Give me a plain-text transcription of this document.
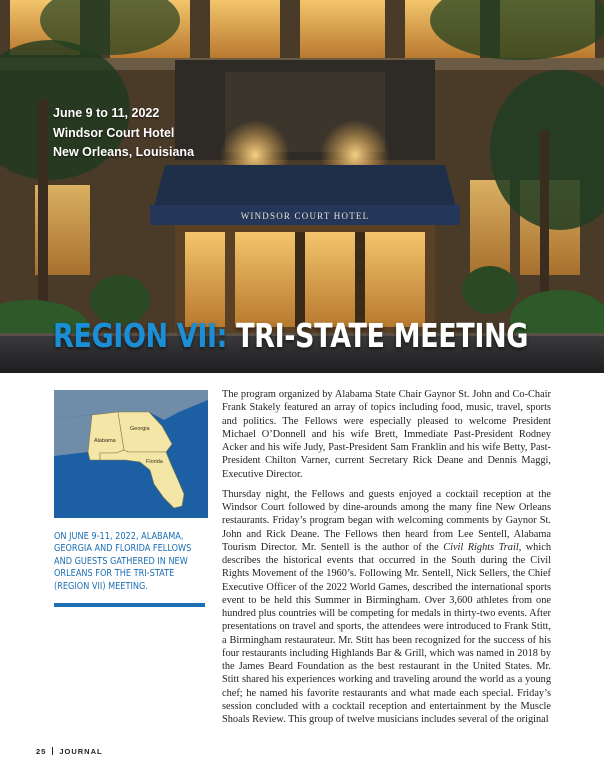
WINDSOR COURT HOTEL
June 9 to 11, 2022
Windsor Court Hotel
New Orleans, Louisiana
REGION VII: TRI-STATE MEETING
Alabama
Georgia
Florida

ON JUNE 9-11, 2022, ALABAMA, GEORGIA AND FLORIDA FELLOWS AND GUESTS GATHERED IN NEW ORLEANS FOR THE TRI-STATE (REGION VII) MEETING.

The program organized by Alabama State Chair Gaynor St. John and Co-Chair Frank Stakely featured an array of topics including food, music, travel, sports and politics. The Fellows were especially pleased to welcome President Michael O’Donnell and his wife Brett, Immediate Past-President Rodney Acker and his wife Judy, Past-President Sam Franklin and his wife Betty, Past-President Chilton Varner, current Secretary Rick Deane and Dennis Maggi, Executive Director.

Thursday night, the Fellows and guests enjoyed a cocktail reception at the Windsor Court followed by dine-arounds among the many fine New Orleans restaurants. Friday’s program began with welcoming comments by Gaynor St. John and Rick Deane. The Fellows then heard from Lee Sentell, Alabama Tourism Director. Mr. Sentell is the author of the Civil Rights Trail, which describes the historical events that occurred in the South during the Civil Rights Movement of the 1960’s. Following Mr. Sentell, Nick Sellers, the Chief Executive Officer of the 2022 World Games, described the international sports event to be held this Summer in Birmingham. Over 3,600 athletes from one hundred plus countries will be competing for medals in thirty-two events. After presentations on travel and sports, the attendees were introduced to Frank Stitt, a Birmingham restaurateur. Mr. Stitt has been recognized for the success of his four restaurants including Highlands Bar & Grill, which was named in 2018 by the James Beard Foundation as the best restaurant in the United States. Mr. Stitt shared his experiences working and traveling around the world as a young chef; he named his favorite restaurants and what made each special. Friday’s session concluded with a cocktail reception and entertainment by the Muscle Shoals Review. This group of twelve musicians includes several of the original

25 JOURNAL
